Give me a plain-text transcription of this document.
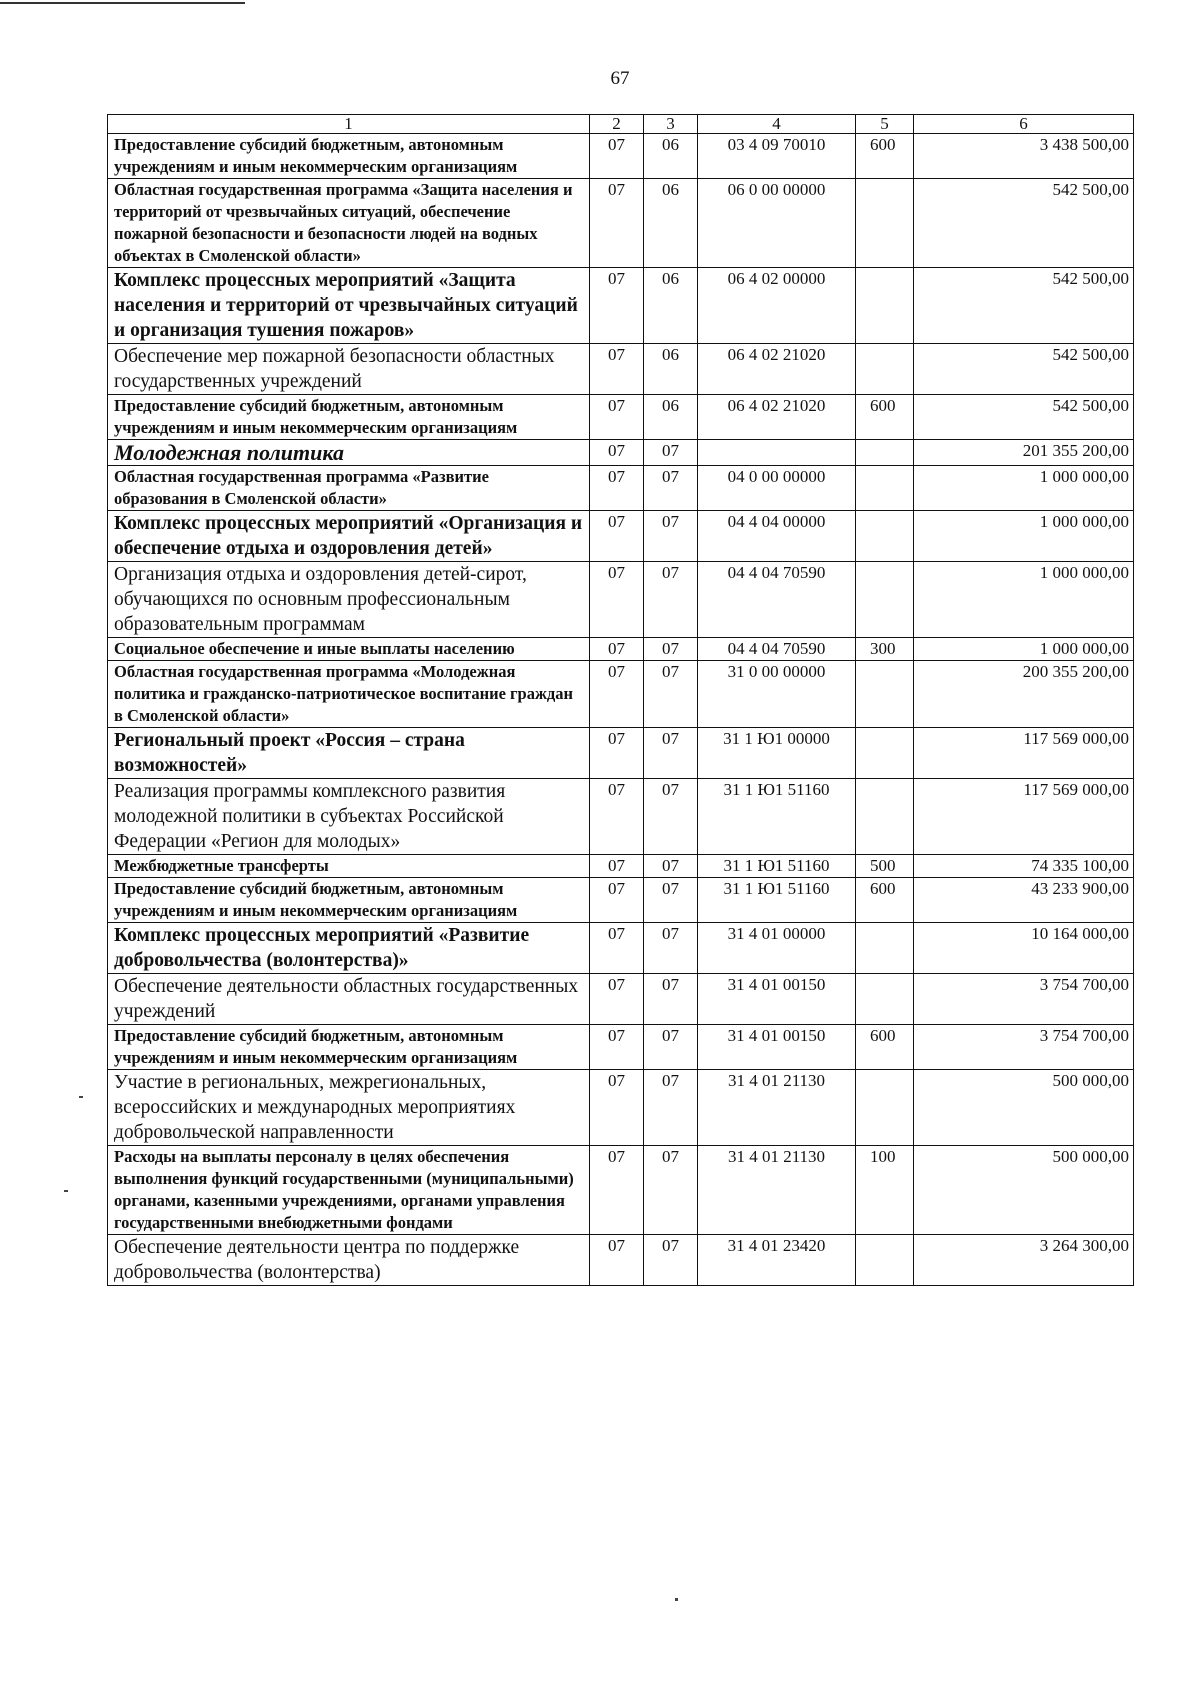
67
1	2	3	4	5	6
Предоставление субсидий бюджетным, автономным учреждениям и иным некоммерческим организациям	07	06	03 4 09 70010	600	3 438 500,00
Областная государственная программа «Защита населения и территорий от чрезвычайных ситуаций, обеспечение пожарной безопасности и безопасности людей на водных объектах в Смоленской области»	07	06	06 0 00 00000		542 500,00
Комплекс процессных мероприятий «Защита населения и территорий от чрезвычайных ситуаций и организация тушения пожаров»	07	06	06 4 02 00000		542 500,00
Обеспечение мер пожарной безопасности областных государственных учреждений	07	06	06 4 02 21020		542 500,00
Предоставление субсидий бюджетным, автономным учреждениям и иным некоммерческим организациям	07	06	06 4 02 21020	600	542 500,00
Молодежная политика	07	07			201 355 200,00
Областная государственная программа «Развитие образования в Смоленской области»	07	07	04 0 00 00000		1 000 000,00
Комплекс процессных мероприятий «Организация и обеспечение отдыха и оздоровления детей»	07	07	04 4 04 00000		1 000 000,00
Организация отдыха и оздоровления детей-сирот, обучающихся по основным профессиональным образовательным программам	07	07	04 4 04 70590		1 000 000,00
Социальное обеспечение и иные выплаты населению	07	07	04 4 04 70590	300	1 000 000,00
Областная государственная программа «Молодежная политика и гражданско-патриотическое воспитание граждан в Смоленской области»	07	07	31 0 00 00000		200 355 200,00
Региональный проект «Россия – страна возможностей»	07	07	31 1 Ю1 00000		117 569 000,00
Реализация программы комплексного развития молодежной политики в субъектах Российской Федерации «Регион для молодых»	07	07	31 1 Ю1 51160		117 569 000,00
Межбюджетные трансферты	07	07	31 1 Ю1 51160	500	74 335 100,00
Предоставление субсидий бюджетным, автономным учреждениям и иным некоммерческим организациям	07	07	31 1 Ю1 51160	600	43 233 900,00
Комплекс процессных мероприятий «Развитие добровольчества (волонтерства)»	07	07	31 4 01 00000		10 164 000,00
Обеспечение деятельности областных государственных учреждений	07	07	31 4 01 00150		3 754 700,00
Предоставление субсидий бюджетным, автономным учреждениям и иным некоммерческим организациям	07	07	31 4 01 00150	600	3 754 700,00
Участие в региональных, межрегиональных, всероссийских и международных мероприятиях добровольческой направленности	07	07	31 4 01 21130		500 000,00
Расходы на выплаты персоналу в целях обеспечения выполнения функций государственными (муниципальными) органами, казенными учреждениями, органами управления государственными внебюджетными фондами	07	07	31 4 01 21130	100	500 000,00
Обеспечение деятельности центра по поддержке добровольчества (волонтерства)	07	07	31 4 01 23420		3 264 300,00
